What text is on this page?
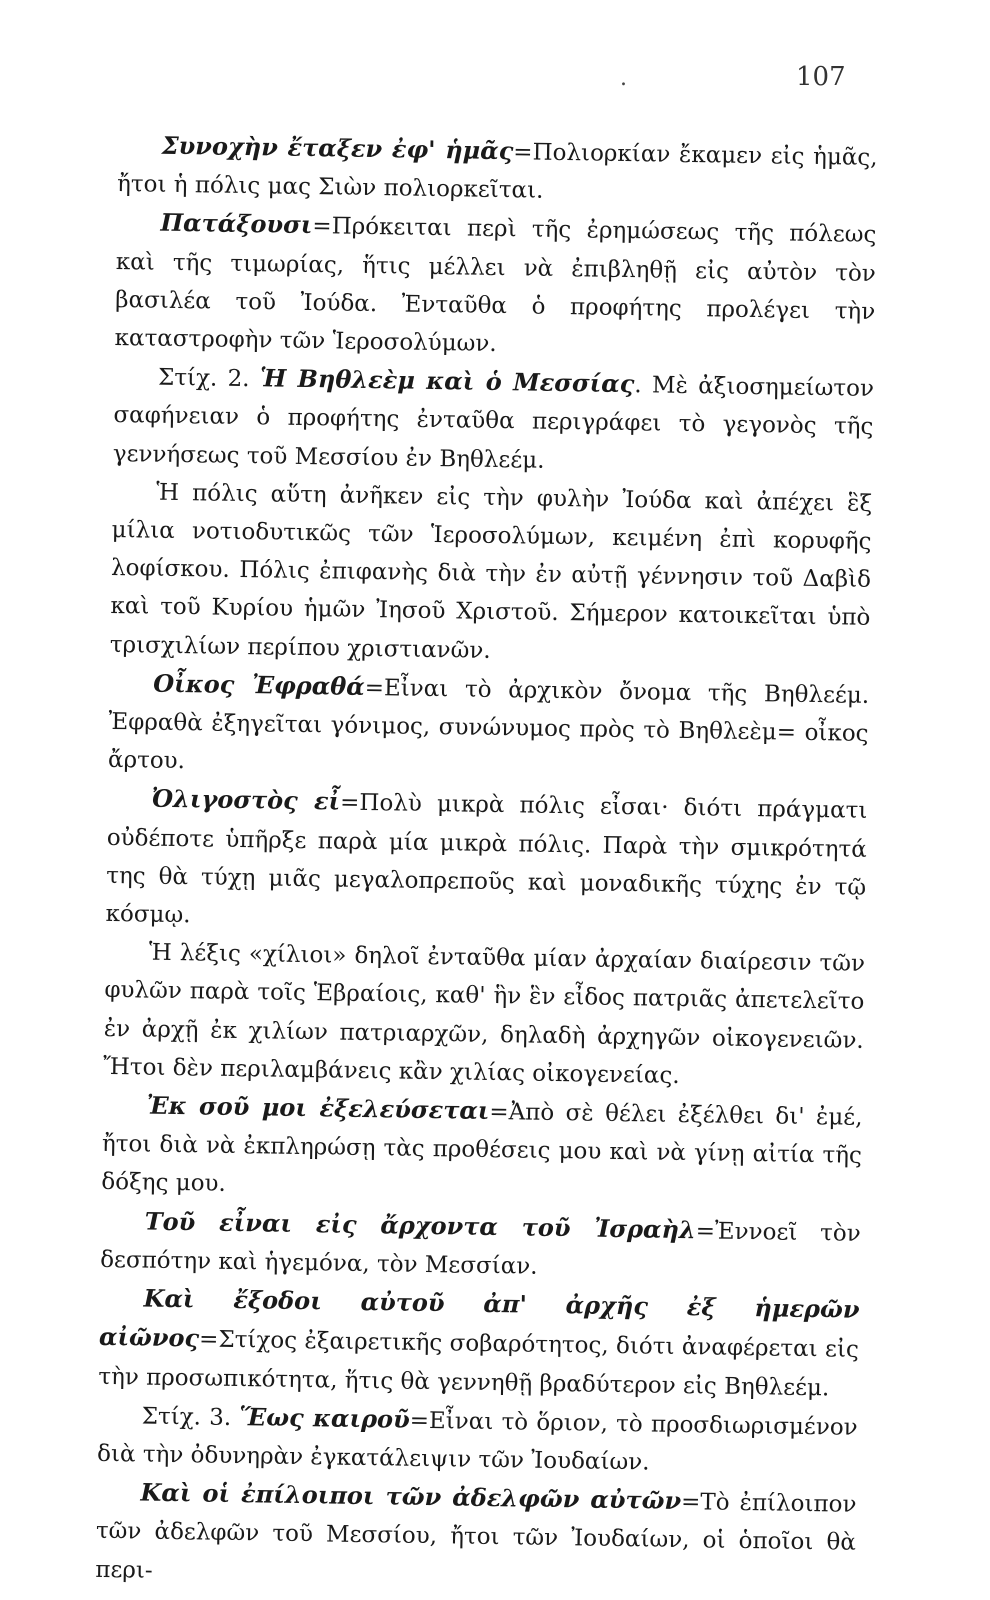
.	107

Συνοχὴν ἔταξεν ἐφ' ἡμᾶς=Πολιορκίαν ἔκαμεν εἰς ἡμᾶς, ἤτοι ἡ πόλις μας Σιὼν πολιορκεῖται.

Πατάξουσι=Πρόκειται περὶ τῆς ἐρημώσεως τῆς πόλεως καὶ τῆς τιμωρίας, ἥτις μέλλει νὰ ἐπιβληθῇ εἰς αὐτὸν τὸν βασιλέα τοῦ Ἰούδα. Ἐνταῦθα ὁ προφήτης προλέγει τὴν καταστροφὴν τῶν Ἱεροσολύμων.

Στίχ. 2. Ἡ Βηθλεὲμ καὶ ὁ Μεσσίας. Μὲ ἀξιοσημείωτον σαφήνειαν ὁ προφήτης ἐνταῦθα περιγράφει τὸ γεγονὸς τῆς γεννήσεως τοῦ Μεσσίου ἐν Βηθλεέμ.

Ἡ πόλις αὕτη ἀνῆκεν εἰς τὴν φυλὴν Ἰούδα καὶ ἀπέχει ἓξ μίλια νοτιοδυτικῶς τῶν Ἱεροσολύμων, κειμένη ἐπὶ κορυφῆς λοφίσκου. Πόλις ἐπιφανὴς διὰ τὴν ἐν αὐτῇ γέννησιν τοῦ Δαβὶδ καὶ τοῦ Κυρίου ἡμῶν Ἰησοῦ Χριστοῦ. Σήμερον κατοικεῖται ὑπὸ τρισχιλίων περίπου χριστιανῶν.

Οἶκος Ἐφραθά=Εἶναι τὸ ἀρχικὸν ὄνομα τῆς Βηθλεέμ. Ἐφραθὰ ἐξηγεῖται γόνιμος, συνώνυμος πρὸς τὸ Βηθλεὲμ= οἶκος ἄρτου.

Ὀλιγοστὸς εἶ=Πολὺ μικρὰ πόλις εἶσαι· διότι πράγματι οὐδέποτε ὑπῆρξε παρὰ μία μικρὰ πόλις. Παρὰ τὴν σμικρότητά της θὰ τύχῃ μιᾶς μεγαλοπρεποῦς καὶ μοναδικῆς τύχης ἐν τῷ κόσμῳ.

Ἡ λέξις «χίλιοι» δηλοῖ ἐνταῦθα μίαν ἀρχαίαν διαίρεσιν τῶν φυλῶν παρὰ τοῖς Ἑβραίοις, καθ' ἣν ἓν εἶδος πατριᾶς ἀπετελεῖτο ἐν ἀρχῇ ἐκ χιλίων πατριαρχῶν, δηλαδὴ ἀρχηγῶν οἰκογενειῶν. Ἤτοι δὲν περιλαμβάνεις κἂν χιλίας οἰκογενείας.

Ἐκ σοῦ μοι ἐξελεύσεται=Ἀπὸ σὲ θέλει ἐξέλθει δι' ἐμέ, ἤτοι διὰ νὰ ἐκπληρώσῃ τὰς προθέσεις μου καὶ νὰ γίνῃ αἰτία τῆς δόξης μου.

Τοῦ εἶναι εἰς ἄρχοντα τοῦ Ἰσραὴλ=Ἐννοεῖ τὸν δεσπότην καὶ ἡγεμόνα, τὸν Μεσσίαν.

Καὶ ἔξοδοι αὐτοῦ ἀπ' ἀρχῆς ἐξ ἡμερῶν αἰῶνος=Στίχος ἐξαιρετικῆς σοβαρότητος, διότι ἀναφέρεται εἰς τὴν προσωπικότητα, ἥτις θὰ γεννηθῇ βραδύτερον εἰς Βηθλεέμ.

Στίχ. 3. Ἕως καιροῦ=Εἶναι τὸ ὅριον, τὸ προσδιωρισμένον διὰ τὴν ὀδυνηρὰν ἐγκατάλειψιν τῶν Ἰουδαίων.

Καὶ οἱ ἐπίλοιποι τῶν ἀδελφῶν αὐτῶν=Τὸ ἐπίλοιπον τῶν ἀδελφῶν τοῦ Μεσσίου, ἤτοι τῶν Ἰουδαίων, οἱ ὁποῖοι θὰ περι-
